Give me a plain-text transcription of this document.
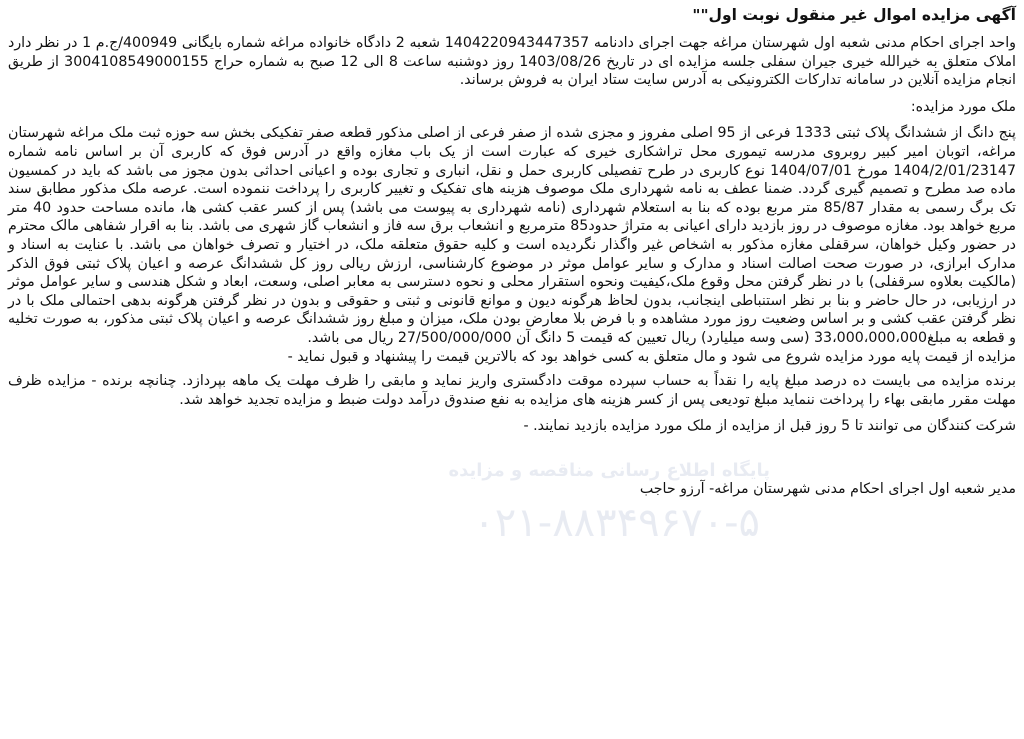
آگهی مزایده اموال غیر منقول نوبت اول""

واحد اجرای احکام مدنی شعبه اول شهرستان مراغه جهت اجرای دادنامه 1404220943447357 شعبه 2 دادگاه خانواده مراغه شماره بایگانی 400949/ج.م 1 در نظر دارد املاک متعلق به خیرالله خیری جیران سفلی جلسه مزایده ای در تاریخ 1403/08/26 روز دوشنبه ساعت 8 الی 12 صبح به شماره حراج 3004108549000155 از طریق انجام مزایده آنلاین در سامانه تدارکات الکترونیکی به آدرس سایت ستاد ایران به فروش برساند.

ملک مورد مزایده:

پنج دانگ از ششدانگ پلاک ثبتی 1333 فرعی از 95 اصلی مفروز و مجزی شده از صفر فرعی از اصلی مذکور قطعه صفر تفکیکی بخش سه حوزه ثبت ملک مراغه شهرستان مراغه، اتوبان امیر کبیر روبروی مدرسه تیموری محل تراشکاری خیری که عبارت است از یک باب مغازه واقع در آدرس فوق که کاربری آن بر اساس نامه شماره 1404/2/01/23147 مورخ 1404/07/01 نوع کاربری در طرح تفصیلی کاربری حمل و نقل، انباری و تجاری بوده و اعیانی احداثی بدون مجوز می باشد که باید در کمسیون ماده صد مطرح و تصمیم گیری گردد. ضمنا عطف به نامه شهرداری ملک موصوف هزینه های تفکیک و تغییر کاربری را پرداخت ننموده است. عرصه ملک مذکور مطابق سند تک برگ رسمی به مقدار 85/87 متر مربع بوده که بنا به استعلام شهرداری (نامه شهرداری به پیوست می باشد) پس از کسر عقب کشی ها، مانده مساحت حدود 40 متر مربع خواهد بود. مغازه موصوف در روز بازدید دارای اعیانی به متراژ حدود85 مترمربع و انشعاب برق سه فاز و انشعاب گاز شهری می باشد. بنا به اقرار شفاهی مالک محترم در حضور وکیل خواهان، سرقفلی مغازه مذکور به اشخاص غیر واگذار نگردیده است و کلیه حقوق متعلقه ملک، در اختیار و تصرف خواهان می باشد. با عنایت به اسناد و مدارک ابرازی، در صورت صحت اصالت اسناد و مدارک و سایر عوامل موثر در موضوع کارشناسی، ارزش ریالی روز کل ششدانگ عرصه و اعیان پلاک ثبتی فوق الذکر (مالکیت بعلاوه سرقفلی) با در نظر گرفتن محل وقوع ملک،کیفیت ونحوه استقرار محلی و نحوه دسترسی به معابر اصلی، وسعت، ابعاد و شکل هندسی و سایر عوامل موثر در ارزیابی، در حال حاضر و بنا بر نظر استنباطی اینجانب، بدون لحاظ هرگونه دیون و موانع قانونی و ثبتی و حقوقی و بدون در نظر گرفتن هرگونه بدهی احتمالی ملک با در نظر گرفتن عقب کشی و بر اساس وضعیت روز مورد مشاهده و با فرض بلا معارض بودن ملک، میزان و مبلغ روز ششدانگ عرصه و اعیان پلاک ثبتی مذکور، به صورت تخلیه و قطعه به مبلغ33،000،000،000 (سی وسه میلیارد) ریال تعیین که قیمت 5 دانگ آن 27/500/000/000 ریال می باشد.

مزایده از قیمت پایه مورد مزایده شروع می شود و مال متعلق به کسی خواهد بود که بالاترین قیمت را پیشنهاد و قبول نماید -

برنده مزایده می بایست ده درصد مبلغ پایه را نقداً به حساب سپرده موقت دادگستری واریز نماید و مابقی را ظرف مهلت یک ماهه بپردازد. چنانچه برنده - مزایده ظرف مهلت مقرر مابقی بهاء را پرداخت ننماید مبلغ تودیعی پس از کسر هزینه های مزایده به نفع صندوق درآمد دولت ضبط و مزایده تجدید خواهد شد.

شرکت کنندگان می توانند تا 5 روز قبل از مزایده از ملک مورد مزایده بازدید نمایند. -

مدیر شعبه اول اجرای احکام مدنی شهرستان مراغه- آرزو حاجب

پایگاه اطلاع رسانی مناقصه و مزایده
۰۲۱-۸۸۳۴۹۶۷۰-۵
